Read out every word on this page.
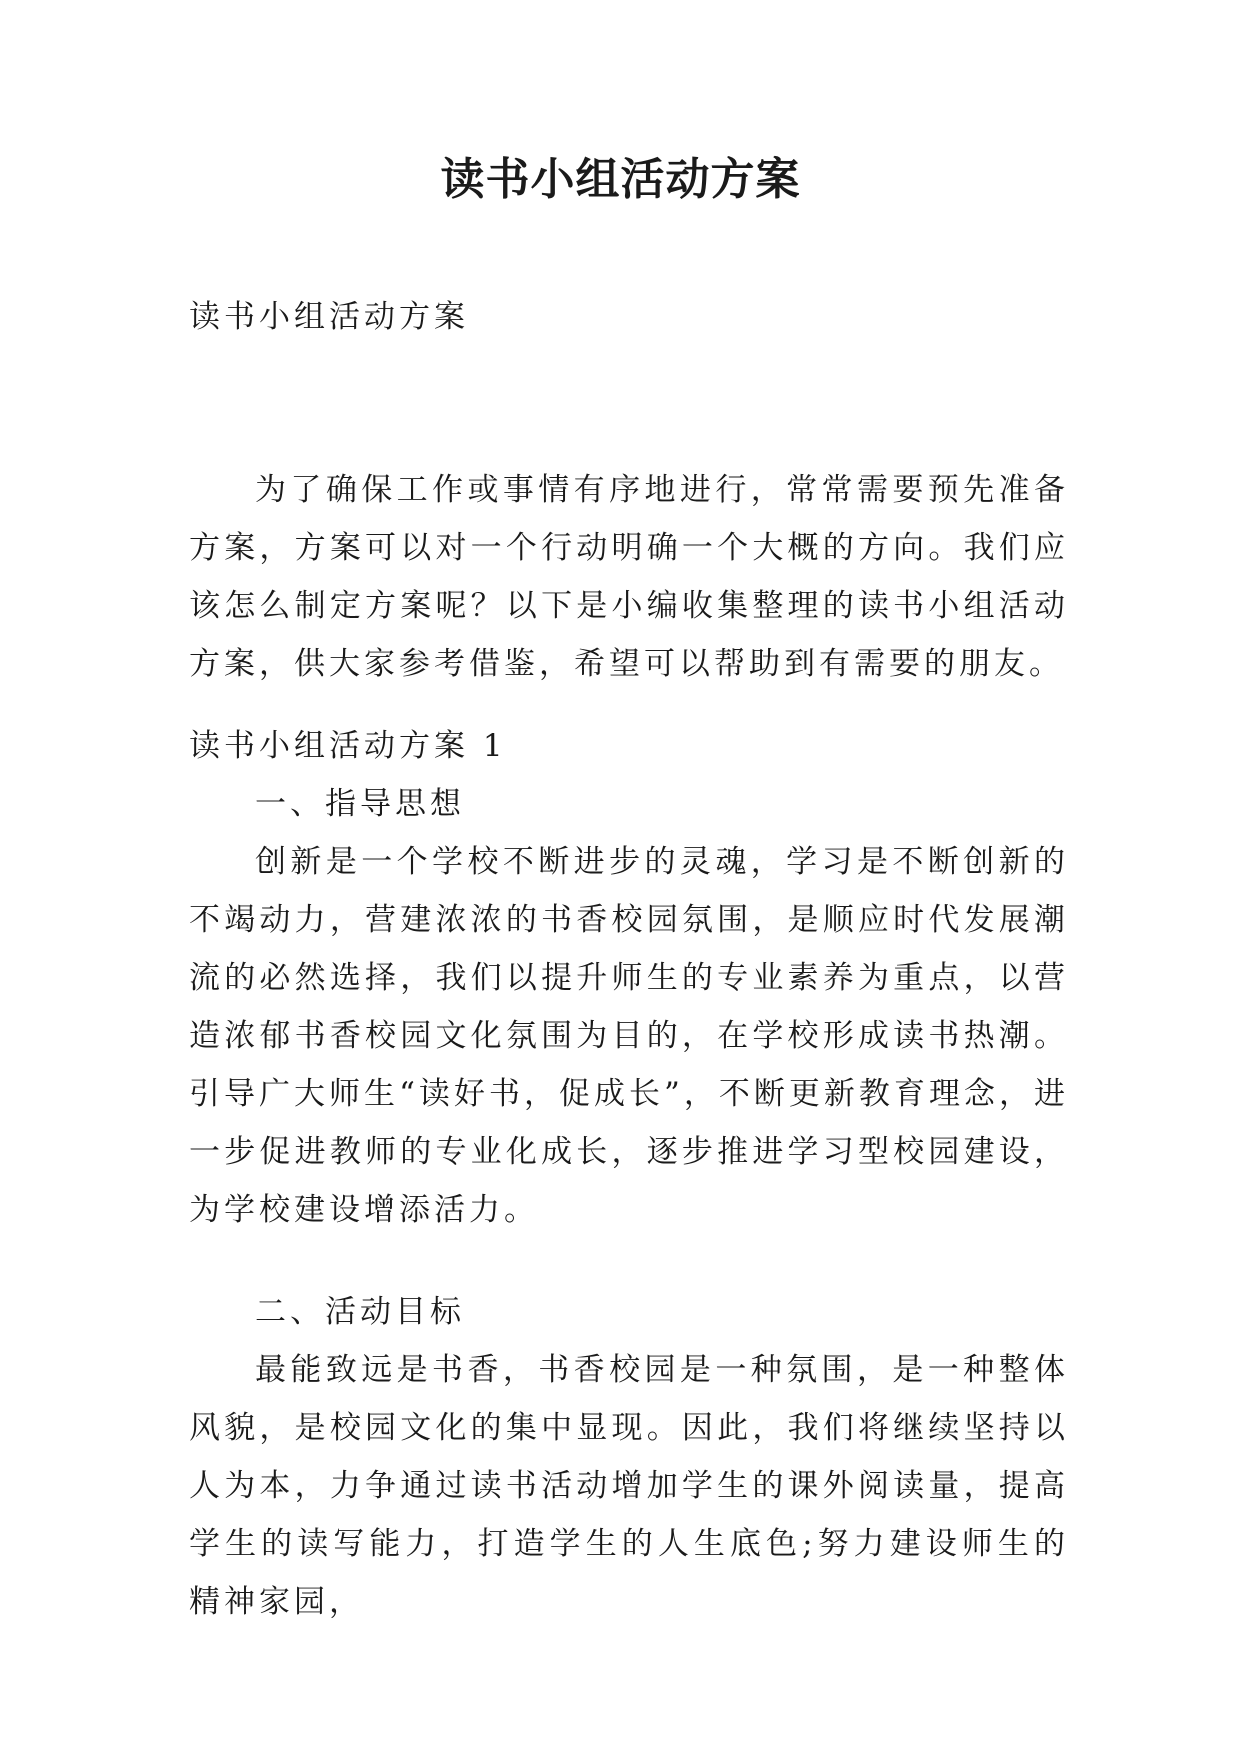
读书小组活动方案

读书小组活动方案

为了确保工作或事情有序地进行，常常需要预先准备方案，方案可以对一个行动明确一个大概的方向。我们应该怎么制定方案呢？以下是小编收集整理的读书小组活动方案，供大家参考借鉴，希望可以帮助到有需要的朋友。

读书小组活动方案 1

一、指导思想

创新是一个学校不断进步的灵魂，学习是不断创新的不竭动力，营建浓浓的书香校园氛围，是顺应时代发展潮流的必然选择，我们以提升师生的专业素养为重点，以营造浓郁书香校园文化氛围为目的，在学校形成读书热潮。引导广大师生“读好书，促成长”，不断更新教育理念，进一步促进教师的专业化成长，逐步推进学习型校园建设，为学校建设增添活力。

二、活动目标

最能致远是书香，书香校园是一种氛围，是一种整体风貌，是校园文化的集中显现。因此，我们将继续坚持以人为本，力争通过读书活动增加学生的课外阅读量，提高学生的读写能力，打造学生的人生底色;努力建设师生的精神家园，
